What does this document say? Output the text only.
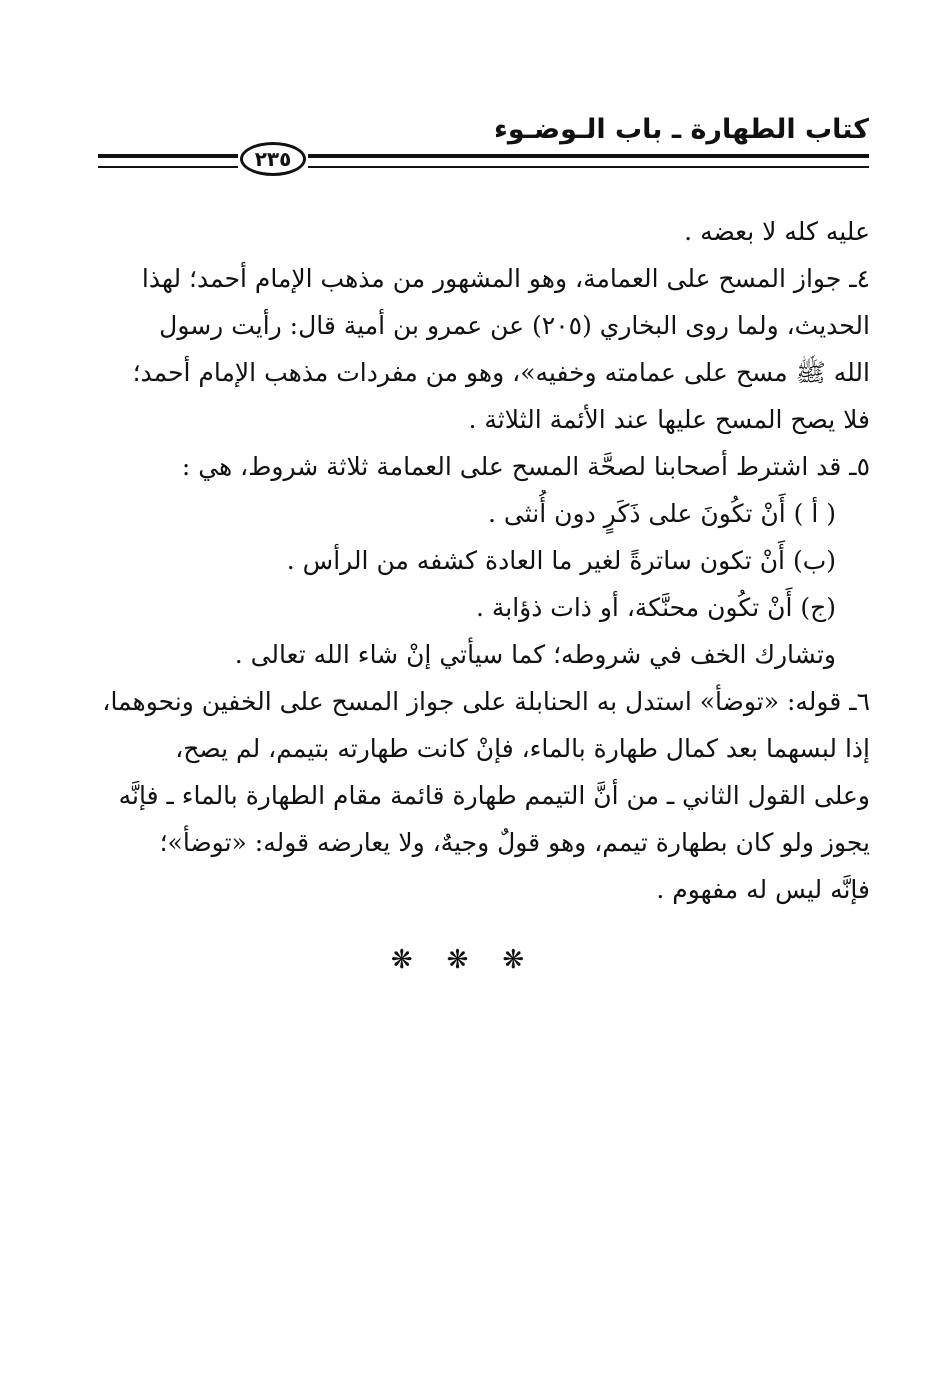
كتاب الطهارة ـ باب الـوضـوء
٢٣٥
عليه كله لا بعضه .
٤ـ جواز المسح على العمامة، وهو المشهور من مذهب الإمام أحمد؛ لهذا
الحديث، ولما روى البخاري (٢٠٥) عن عمرو بن أمية قال: رأيت رسول
الله ﷺ مسح على عمامته وخفيه»، وهو من مفردات مذهب الإمام أحمد؛
فلا يصح المسح عليها عند الأئمة الثلاثة .
٥ـ قد اشترط أصحابنا لصحَّة المسح على العمامة ثلاثة شروط، هي :
( أ ) أَنْ تكُونَ على ذَكَرٍ دون أُنثى .
(ب) أَنْ تكون ساترةً لغير ما العادة كشفه من الرأس .
(ج) أَنْ تكُون محنَّكة، أو ذات ذؤابة .
وتشارك الخف في شروطه؛ كما سيأتي إنْ شاء الله تعالى .
٦ـ قوله: «توضأ» استدل به الحنابلة على جواز المسح على الخفين ونحوهما،
إذا لبسهما بعد كمال طهارة بالماء، فإنْ كانت طهارته بتيمم، لم يصح،
وعلى القول الثاني ـ من أنَّ التيمم طهارة قائمة مقام الطهارة بالماء ـ فإنَّه
يجوز ولو كان بطهارة تيمم، وهو قولٌ وجيهٌ، ولا يعارضه قوله: «توضأ»؛
فإنَّه ليس له مفهوم .
❋❋❋
